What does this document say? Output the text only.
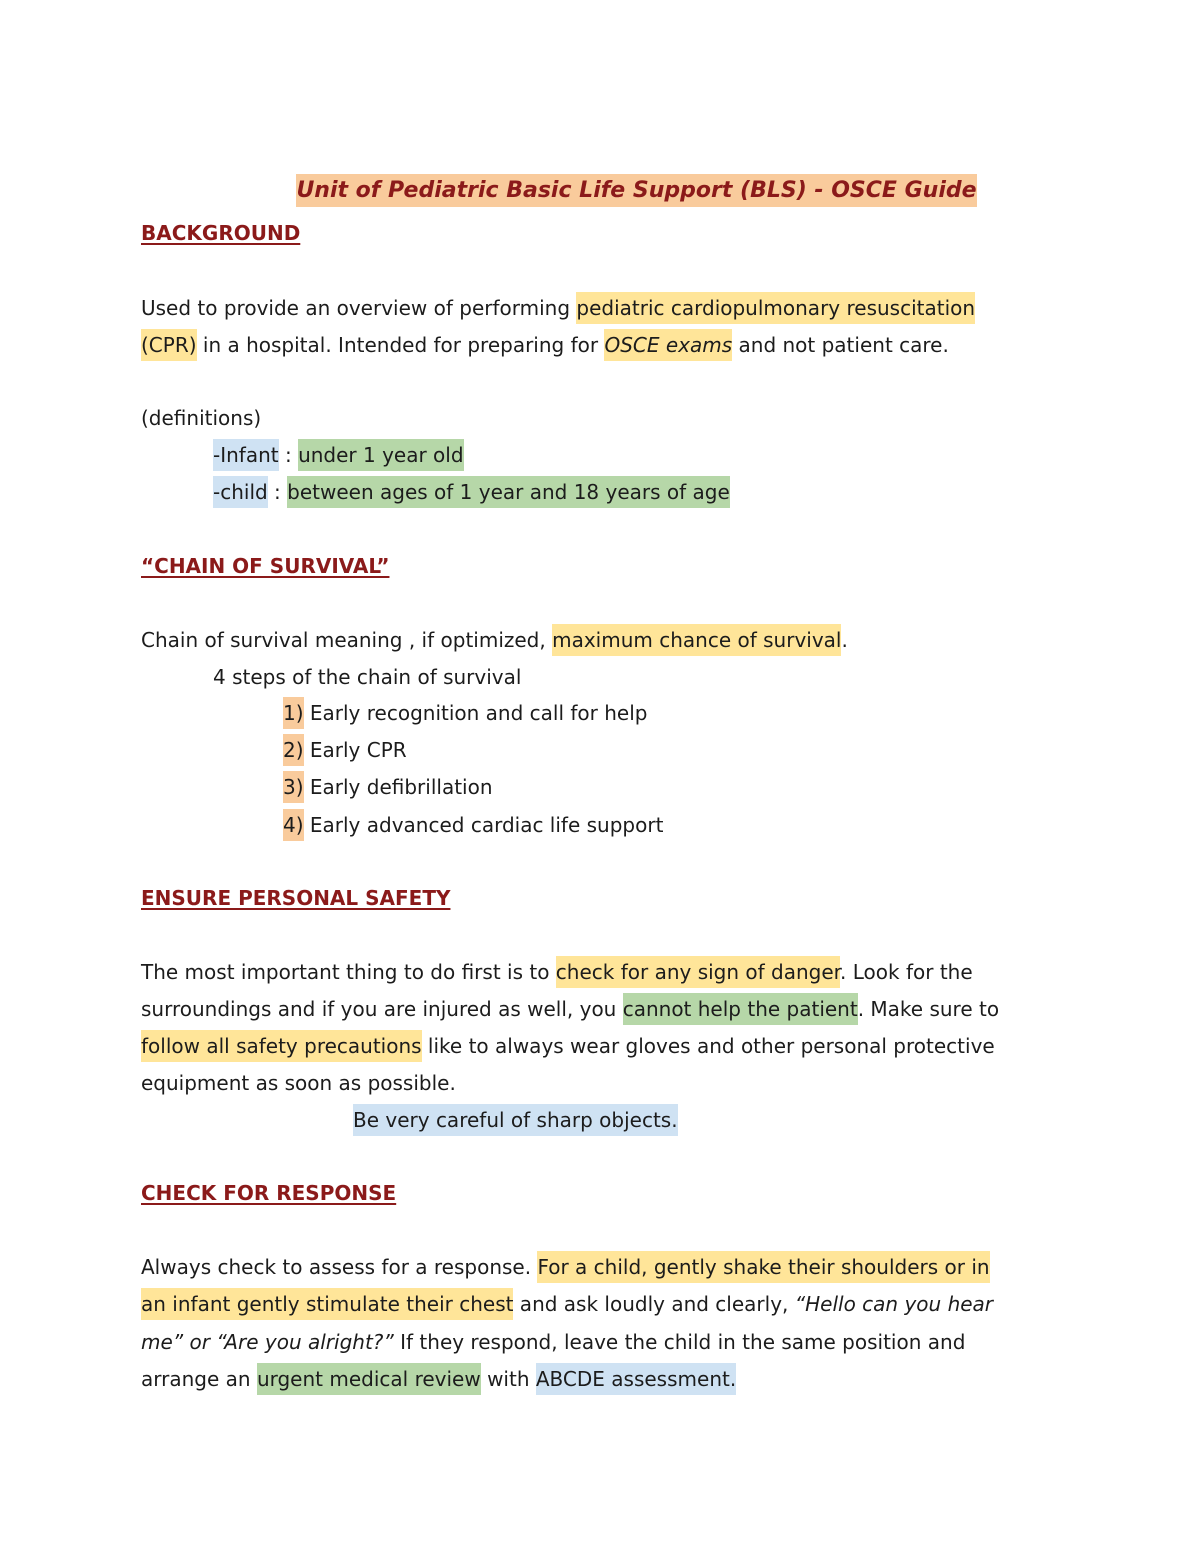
Unit of Pediatric Basic Life Support (BLS) - OSCE Guide

BACKGROUND
Used to provide an overview of performing pediatric cardiopulmonary resuscitation
(CPR) in a hospital. Intended for preparing for OSCE exams and not patient care.
(definitions)
-Infant : under 1 year old
-child : between ages of 1 year and 18 years of age
“CHAIN OF SURVIVAL”
Chain of survival meaning , if optimized, maximum chance of survival.
4 steps of the chain of survival
1) Early recognition and call for help
2) Early CPR
3) Early defibrillation
4) Early advanced cardiac life support
ENSURE PERSONAL SAFETY
The most important thing to do first is to check for any sign of danger. Look for the
surroundings and if you are injured as well, you cannot help the patient. Make sure to
follow all safety precautions like to always wear gloves and other personal protective
equipment as soon as possible.
Be very careful of sharp objects.
CHECK FOR RESPONSE
Always check to assess for a response. For a child, gently shake their shoulders or in
an infant gently stimulate their chest and ask loudly and clearly, “Hello can you hear
me” or “Are you alright?” If they respond, leave the child in the same position and
arrange an urgent medical review with ABCDE assessment.
